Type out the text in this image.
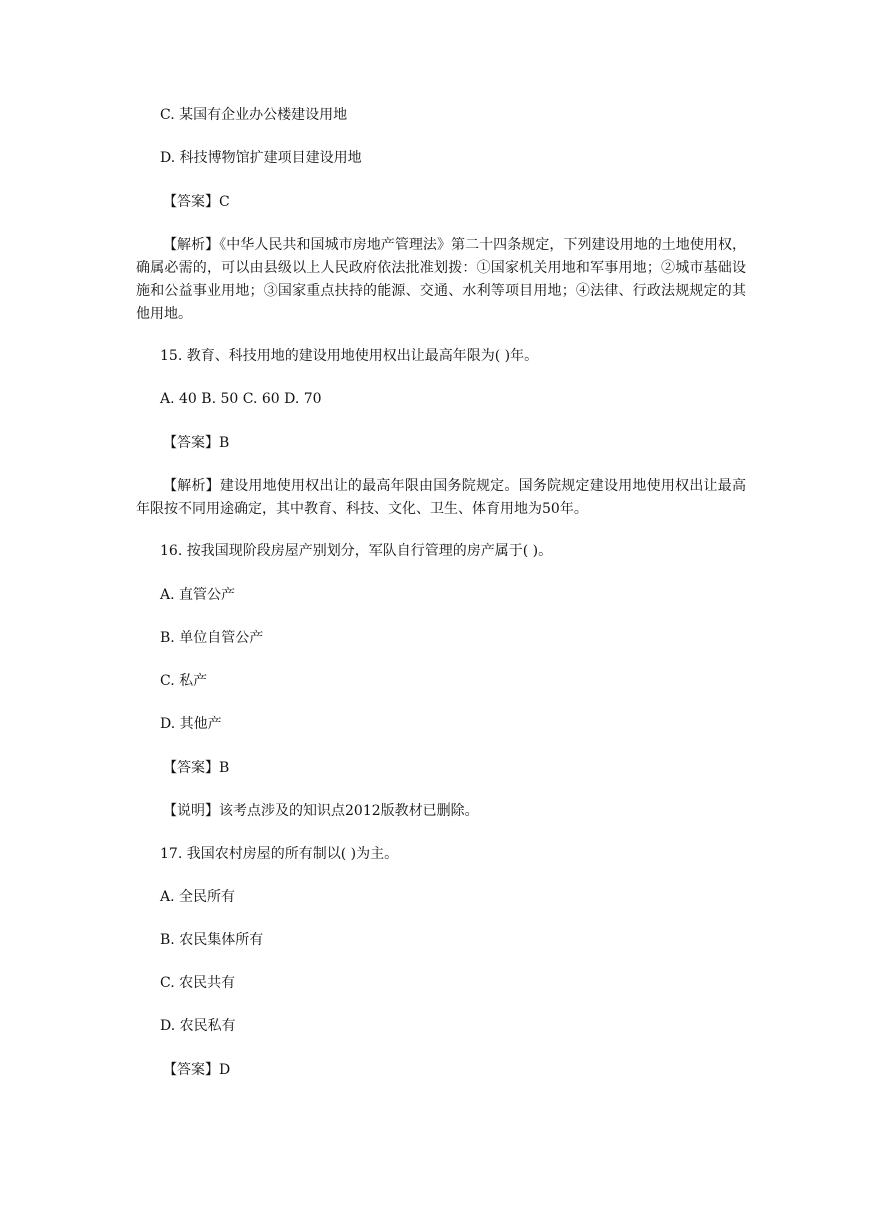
C. 某国有企业办公楼建设用地
D. 科技博物馆扩建项目建设用地
【答案】C
【解析】《中华人民共和国城市房地产管理法》第二十四条规定，下列建设用地的土地使用权，确属必需的，可以由县级以上人民政府依法批准划拨：①国家机关用地和军事用地；②城市基础设施和公益事业用地；③国家重点扶持的能源、交通、水利等项目用地；④法律、行政法规规定的其他用地。
15. 教育、科技用地的建设用地使用权出让最高年限为( )年。
A. 40 B. 50 C. 60 D. 70
【答案】B
【解析】建设用地使用权出让的最高年限由国务院规定。国务院规定建设用地使用权出让最高年限按不同用途确定，其中教育、科技、文化、卫生、体育用地为50年。
16. 按我国现阶段房屋产别划分，军队自行管理的房产属于( )。
A. 直管公产
B. 单位自管公产
C. 私产
D. 其他产
【答案】B
【说明】该考点涉及的知识点2012版教材已删除。
17. 我国农村房屋的所有制以( )为主。
A. 全民所有
B. 农民集体所有
C. 农民共有
D. 农民私有
【答案】D
